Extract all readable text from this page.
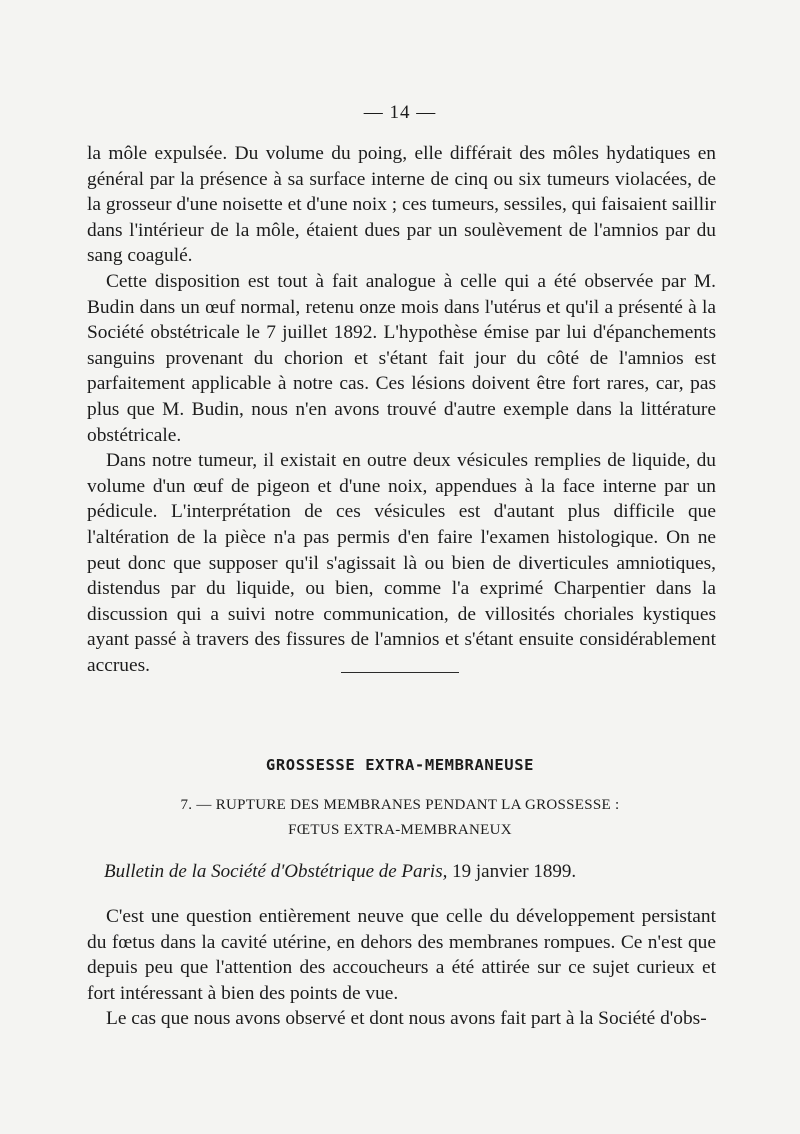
— 14 —

la môle expulsée. Du volume du poing, elle différait des môles hydatiques en général par la présence à sa surface interne de cinq ou six tumeurs violacées, de la grosseur d'une noisette et d'une noix ; ces tumeurs, sessiles, qui faisaient saillir dans l'intérieur de la môle, étaient dues par un soulèvement de l'amnios par du sang coagulé.

Cette disposition est tout à fait analogue à celle qui a été observée par M. Budin dans un œuf normal, retenu onze mois dans l'utérus et qu'il a présenté à la Société obstétricale le 7 juillet 1892. L'hypothèse émise par lui d'épanchements sanguins provenant du chorion et s'étant fait jour du côté de l'amnios est parfaitement applicable à notre cas. Ces lésions doivent être fort rares, car, pas plus que M. Budin, nous n'en avons trouvé d'autre exemple dans la littérature obstétricale.

Dans notre tumeur, il existait en outre deux vésicules remplies de liquide, du volume d'un œuf de pigeon et d'une noix, appendues à la face interne par un pédicule. L'interprétation de ces vésicules est d'autant plus difficile que l'altération de la pièce n'a pas permis d'en faire l'examen histologique. On ne peut donc que supposer qu'il s'agissait là ou bien de diverticules amniotiques, distendus par du liquide, ou bien, comme l'a exprimé Charpentier dans la discussion qui a suivi notre communication, de villosités choriales kystiques ayant passé à travers des fissures de l'amnios et s'étant ensuite considérablement accrues.

GROSSESSE EXTRA-MEMBRANEUSE
7. — RUPTURE DES MEMBRANES PENDANT LA GROSSESSE :
FŒTUS EXTRA-MEMBRANEUX
Bulletin de la Société d'Obstétrique de Paris, 19 janvier 1899.

C'est une question entièrement neuve que celle du développement persistant du fœtus dans la cavité utérine, en dehors des membranes rompues. Ce n'est que depuis peu que l'attention des accoucheurs a été attirée sur ce sujet curieux et fort intéressant à bien des points de vue.

Le cas que nous avons observé et dont nous avons fait part à la Société d'obs-
